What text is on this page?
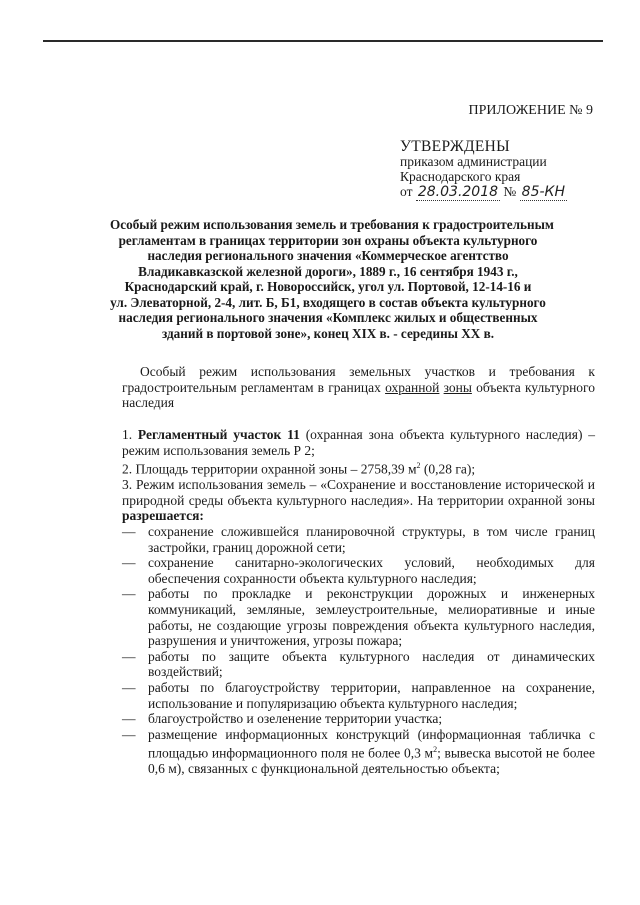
ПРИЛОЖЕНИЕ № 9
УТВЕРЖДЕНЫ
приказом администрации
Краснодарского края
от 28.03.2018 № 85-КН
Особый режим использования земель и требования к градостроительным
регламентам в границах территории зон охраны объекта культурного
наследия регионального значения «Коммерческое агентство
Владикавказской железной дороги», 1889 г., 16 сентября 1943 г.,
Краснодарский край, г. Новороссийск, угол ул. Портовой, 12-14-16 и
ул. Элеваторной, 2-4, лит. Б, Б1, входящего в состав объекта культурного
наследия регионального значения «Комплекс жилых и общественных
зданий в портовой зоне», конец XIX в. - середины XX в.

Особый режим использования земельных участков и требования к градостроительным регламентам в границах охранной зоны объекта культурного наследия

1. Регламентный участок 11 (охранная зона объекта культурного наследия) – режим использования земель Р 2;
2. Площадь территории охранной зоны – 2758,39 $м^2$ (0,28 га);
3. Режим использования земель – «Сохранение и восстановление исторической и природной среды объекта культурного наследия». На территории охранной зоны разрешается:
— сохранение сложившейся планировочной структуры, в том числе границ застройки, границ дорожной сети;
— сохранение санитарно-экологических условий, необходимых для обеспечения сохранности объекта культурного наследия;
— работы по прокладке и реконструкции дорожных и инженерных коммуникаций, земляные, землеустроительные, мелиоративные и иные работы, не создающие угрозы повреждения объекта культурного наследия, разрушения и уничтожения, угрозы пожара;
— работы по защите объекта культурного наследия от динамических воздействий;
— работы по благоустройству территории, направленное на сохранение, использование и популяризацию объекта культурного наследия;
— благоустройство и озеленение территории участка;
— размещение информационных конструкций (информационная табличка с площадью информационного поля не более 0,3 $м^2$; вывеска высотой не более 0,6 м), связанных с функциональной деятельностью объекта;
